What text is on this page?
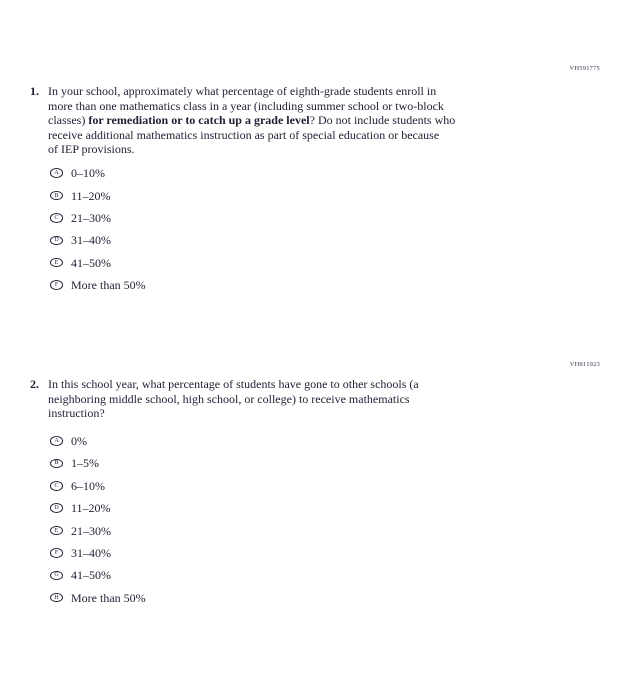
VH591775
1. In your school, approximately what percentage of eighth-grade students enroll in
more than one mathematics class in a year (including summer school or two-block
classes) for remediation or to catch up a grade level? Do not include students who
receive additional mathematics instruction as part of special education or because
of IEP provisions.
A 0–10%
B 11–20%
C 21–30%
D 31–40%
E 41–50%
F More than 50%
VH811923
2. In this school year, what percentage of students have gone to other schools (a
neighboring middle school, high school, or college) to receive mathematics
instruction?
A 0%
B 1–5%
C 6–10%
D 11–20%
E 21–30%
F 31–40%
G 41–50%
H More than 50%
